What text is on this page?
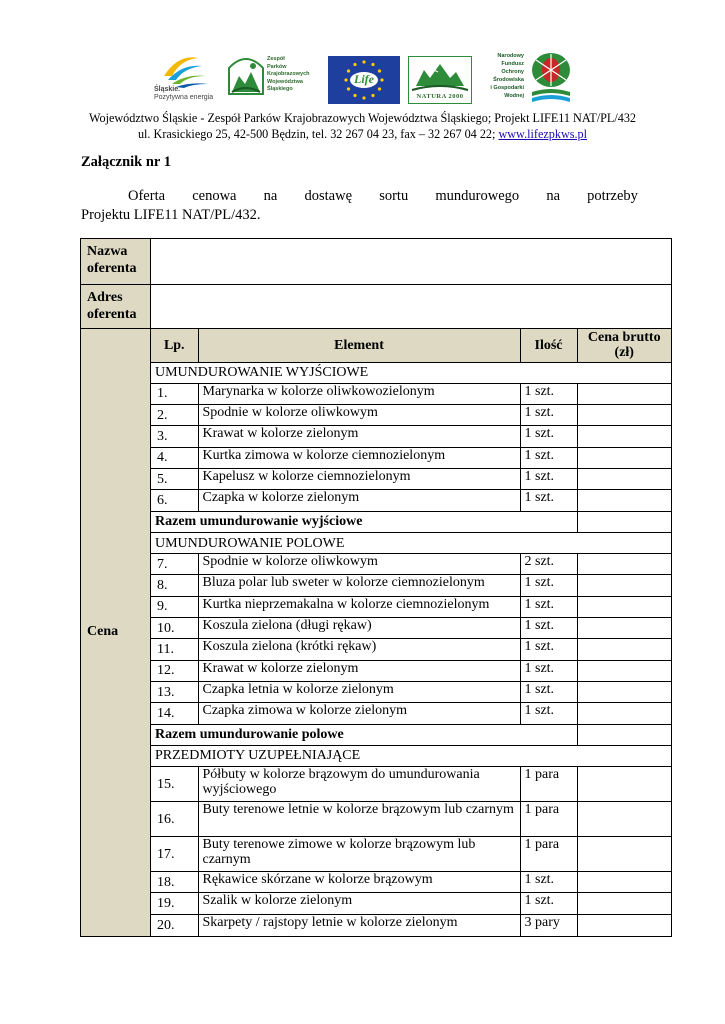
Śląskie.
Pozytywna energia
Zespół
Parków
Krajobrazowych
Województwa
Śląskiego
Life
NATURA 2000
Narodowy
Fundusz
Ochrony
Środowiska
i Gospodarki
Wodnej
Województwo Śląskie - Zespół Parków Krajobrazowych Województwa Śląskiego; Projekt LIFE11 NAT/PL/432
ul. Krasickiego 25, 42-500 Będzin, tel. 32 267 04 23, fax – 32 267 04 22; www.lifezpkws.pl
Załącznik nr 1
Oferta cenowa na dostawę sortu mundurowego na potrzeby
Projektu LIFE11 NAT/PL/432.
Nazwa oferenta	
Adres oferenta	
Cena	
Lp.	Element	Ilość	Cena brutto (zł)
UMUNDUROWANIE WYJŚCIOWE
1.	Marynarka w kolorze oliwkowozielonym	1 szt.	
2.	Spodnie w kolorze oliwkowym	1 szt.	
3.	Krawat w kolorze zielonym	1 szt.	
4.	Kurtka zimowa w kolorze ciemnozielonym	1 szt.	
5.	Kapelusz w kolorze ciemnozielonym	1 szt.	
6.	Czapka w kolorze zielonym	1 szt.	
Razem umundurowanie wyjściowe	
UMUNDUROWANIE POLOWE
7.	Spodnie w kolorze oliwkowym	2 szt.	
8.	Bluza polar lub sweter w kolorze ciemnozielonym	1 szt.	
9.	Kurtka nieprzemakalna w kolorze ciemnozielonym	1 szt.	
10.	Koszula zielona (długi rękaw)	1 szt.	
11.	Koszula zielona (krótki rękaw)	1 szt.	
12.	Krawat w kolorze zielonym	1 szt.	
13.	Czapka letnia w kolorze zielonym	1 szt.	
14.	Czapka zimowa w kolorze zielonym	1 szt.	
Razem umundurowanie polowe	
PRZEDMIOTY UZUPEŁNIAJĄCE
15.	Półbuty w kolorze brązowym do umundurowania wyjściowego	1 para	
16.	Buty terenowe letnie w kolorze brązowym lub czarnym	1 para	
17.	Buty terenowe zimowe w kolorze brązowym lub czarnym	1 para	
18.	Rękawice skórzane w kolorze brązowym	1 szt.	
19.	Szalik w kolorze zielonym	1 szt.	
20.	Skarpety / rajstopy letnie w kolorze zielonym	3 pary	
